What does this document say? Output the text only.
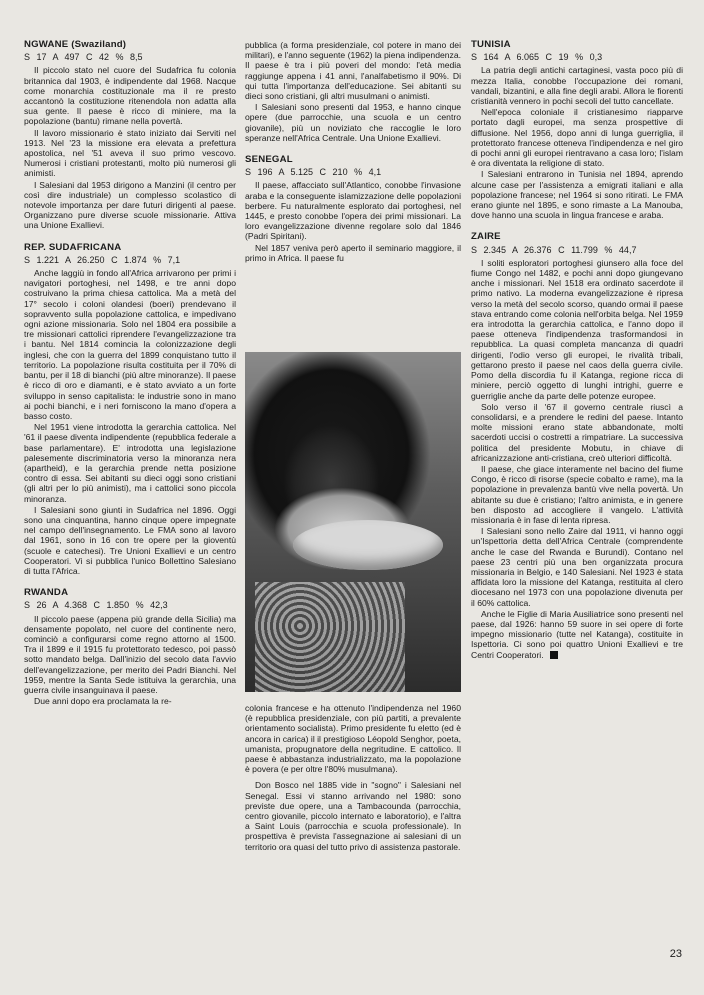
NGWANE (Swaziland)
S 17 A 497 C 42 % 8,5

Il piccolo stato nel cuore del Sudafrica fu colonia britannica dal 1903, è indipendente dal 1968. Nacque come monarchia costituzionale ma il re presto accantonò la costituzione ritenendola non adatta alla sua gente. Il paese è ricco di miniere, ma la popolazione (bantu) rimane nella povertà.

Il lavoro missionario è stato iniziato dai Serviti nel 1913. Nel '23 la missione era elevata a prefettura apostolica, nel '51 aveva il suo primo vescovo. Numerosi i cristiani protestanti, molto più numerosi gli animisti.

I Salesiani dal 1953 dirigono a Manzini (il centro per così dire industriale) un complesso scolastico di notevole importanza per dare futuri dirigenti al paese. Organizzano pure diverse scuole missionarie. Attiva una Unione Exallievi.

REP. SUDAFRICANA
S 1.221 A 26.250 C 1.874 % 7,1

Anche laggiù in fondo all'Africa arrivarono per primi i navigatori portoghesi, nel 1498, e tre anni dopo costruivano la prima chiesa cattolica. Ma a metà del 17° secolo i coloni olandesi (boeri) prendevano il sopravvento sulla popolazione cattolica, e impedivano ogni azione missionaria. Solo nel 1804 era possibile a tre missionari cattolici riprendere l'evangelizzazione tra i bantu. Nel 1814 comincia la colonizzazione degli inglesi, che con la guerra del 1899 conquistano tutto il territorio. La popolazione risulta costituita per il 70% di bantu, per il 18 di bianchi (più altre minoranze). Il paese è ricco di oro e diamanti, e è stato avviato a un forte sviluppo in senso capitalista: le industrie sono in mano ai pochi bianchi, e i neri forniscono la mano d'opera a basso costo.

Nel 1951 viene introdotta la gerarchia cattolica. Nel '61 il paese diventa indipendente (repubblica federale a base parlamentare). E' introdotta una legislazione palesemente discriminatoria verso la minoranza nera (apartheid), e la gerarchia prende netta posizione contro di essa. Sei abitanti su dieci oggi sono cristiani (gli altri per lo più animisti), ma i cattolici sono piccola minoranza.

I Salesiani sono giunti in Sudafrica nel 1896. Oggi sono una cinquantina, hanno cinque opere impegnate nel campo dell'insegnamento. Le FMA sono al lavoro dal 1961, sono in 16 con tre opere per la gioventù (scuole e catechesi). Tre Unioni Exallievi e un centro Cooperatori. Vi si pubblica l'unico Bollettino Salesiano di tutta l'Africa.

RWANDA
S 26 A 4.368 C 1.850 % 42,3

Il piccolo paese (appena più grande della Sicilia) ma densamente popolato, nel cuore del continente nero, cominciò a configurarsi come regno attorno al 1500. Tra il 1899 e il 1915 fu protettorato tedesco, poi passò sotto mandato belga. Dall'inizio del secolo data l'avvio dell'evangelizzazione, per merito dei Padri Bianchi. Nel 1959, mentre la Santa Sede istituiva la gerarchia, una guerra civile insanguinava il paese.

Due anni dopo era proclamata la re-

pubblica (a forma presidenziale, col potere in mano dei militari), e l'anno seguente (1962) la piena indipendenza. Il paese è tra i più poveri del mondo: l'età media raggiunge appena i 41 anni, l'analfabetismo il 90%. Di qui tutta l'importanza dell'educazione. Sei abitanti su dieci sono cristiani, gli altri musulmani o animisti.

I Salesiani sono presenti dal 1953, e hanno cinque opere (due parrocchie, una scuola e un centro giovanile), più un noviziato che raccoglie le loro speranze nell'Africa Centrale. Una Unione Exallievi.

SENEGAL
S 196 A 5.125 C 210 % 4,1

Il paese, affacciato sull'Atlantico, conobbe l'invasione araba e la conseguente islamizzazione delle popolazioni berbere. Fu naturalmente esplorato dai portoghesi, nel 1445, e presto conobbe l'opera dei primi missionari. La loro evangelizzazione divenne regolare solo dal 1846 (Padri Spiritani).

Nel 1857 veniva però aperto il seminario maggiore, il primo in Africa. Il paese fu

colonia francese e ha ottenuto l'indipendenza nel 1960 (è repubblica presidenziale, con più partiti, a prevalente orientamento socialista). Primo presidente fu eletto (ed è ancora in carica) il il prestigioso Léopold Senghor, poeta, umanista, propugnatore della negritudine. E cattolico. Il paese è abbastanza industrializzato, ma la popolazione è povera (e per oltre l'80% musulmana).

Don Bosco nel 1885 vide in "sogno" i Salesiani nel Senegal. Essi vi stanno arrivando nel 1980: sono previste due opere, una a Tambacounda (parrocchia, centro giovanile, piccolo internato e laboratorio), e l'altra a Saint Louis (parrocchia e scuola professionale). In prospettiva è prevista l'assegnazione ai salesiani di un territorio ora quasi del tutto privo di assistenza pastorale.

TUNISIA
S 164 A 6.065 C 19 % 0,3

La patria degli antichi cartaginesi, vasta poco più di mezza Italia, conobbe l'occupazione dei romani, vandali, bizantini, e alla fine degli arabi. Allora le fiorenti cristianità vennero in pochi secoli del tutto cancellate.

Nell'epoca coloniale il cristianesimo riapparve portato dagli europei, ma senza prospettive di diffusione. Nel 1956, dopo anni di lunga guerriglia, il protettorato francese otteneva l'indipendenza e nel giro di pochi anni gli europei rientravano a casa loro; l'islam è ora diventata la religione di stato.

I Salesiani entrarono in Tunisia nel 1894, aprendo alcune case per l'assistenza a emigrati italiani e alla popolazione francese; nel 1964 si sono ritirati. Le FMA erano giunte nel 1895, e sono rimaste a La Manouba, dove hanno una scuola in lingua francese e araba.

ZAIRE
S 2.345 A 26.376 C 11.799 % 44,7

I soliti esploratori portoghesi giunsero alla foce del fiume Congo nel 1482, e pochi anni dopo giungevano anche i missionari. Nel 1518 era ordinato sacerdote il primo nativo. La moderna evangelizzazione è ripresa verso la metà del secolo scorso, quando ormai il paese stava entrando come colonia nell'orbita belga. Nel 1959 era introdotta la gerarchia cattolica, e l'anno dopo il paese otteneva l'indipendenza trasformandosi in repubblica. La quasi completa mancanza di quadri dirigenti, l'odio verso gli europei, le rivalità tribali, gettarono presto il paese nel caos della guerra civile. Pomo della discordia fu il Katanga, regione ricca di miniere, perciò oggetto di lunghi intrighi, guerre e guerriglie anche da parte delle potenze europee.

Solo verso il '67 il governo centrale riuscì a consolidarsi, e a prendere le redini del paese. Intanto molte missioni erano state abbandonate, molti sacerdoti uccisi o costretti a rimpatriare. La successiva politica del presidente Mobutu, in chiave di africanizzazione anti-cristiana, creò ulteriori difficoltà.

Il paese, che giace interamente nel bacino del fiume Congo, è ricco di risorse (specie cobalto e rame), ma la popolazione in prevalenza bantù vive nella povertà. Un abitante su due è cristiano; l'altro animista, e in genere ben disposto ad accogliere il vangelo. L'attività missionaria è in fase di lenta ripresa.

I Salesiani sono nello Zaire dal 1911, vi hanno oggi un'Ispettoria detta dell'Africa Centrale (comprendente anche le case del Rwanda e Burundi). Contano nel paese 23 centri più una ben organizzata procura missionaria in Belgio, e 140 Salesiani. Nel 1923 è stata affidata loro la missione del Katanga, restituita al clero diocesano nel 1973 con una popolazione divenuta per il 60% cattolica.

Anche le Figlie di Maria Ausiliatrice sono presenti nel paese, dal 1926: hanno 59 suore in sei opere di forte impegno missionario (tutte nel Katanga), costituite in Ispettoria. Ci sono poi quattro Unioni Exallievi e tre Centri Cooperatori.

23
